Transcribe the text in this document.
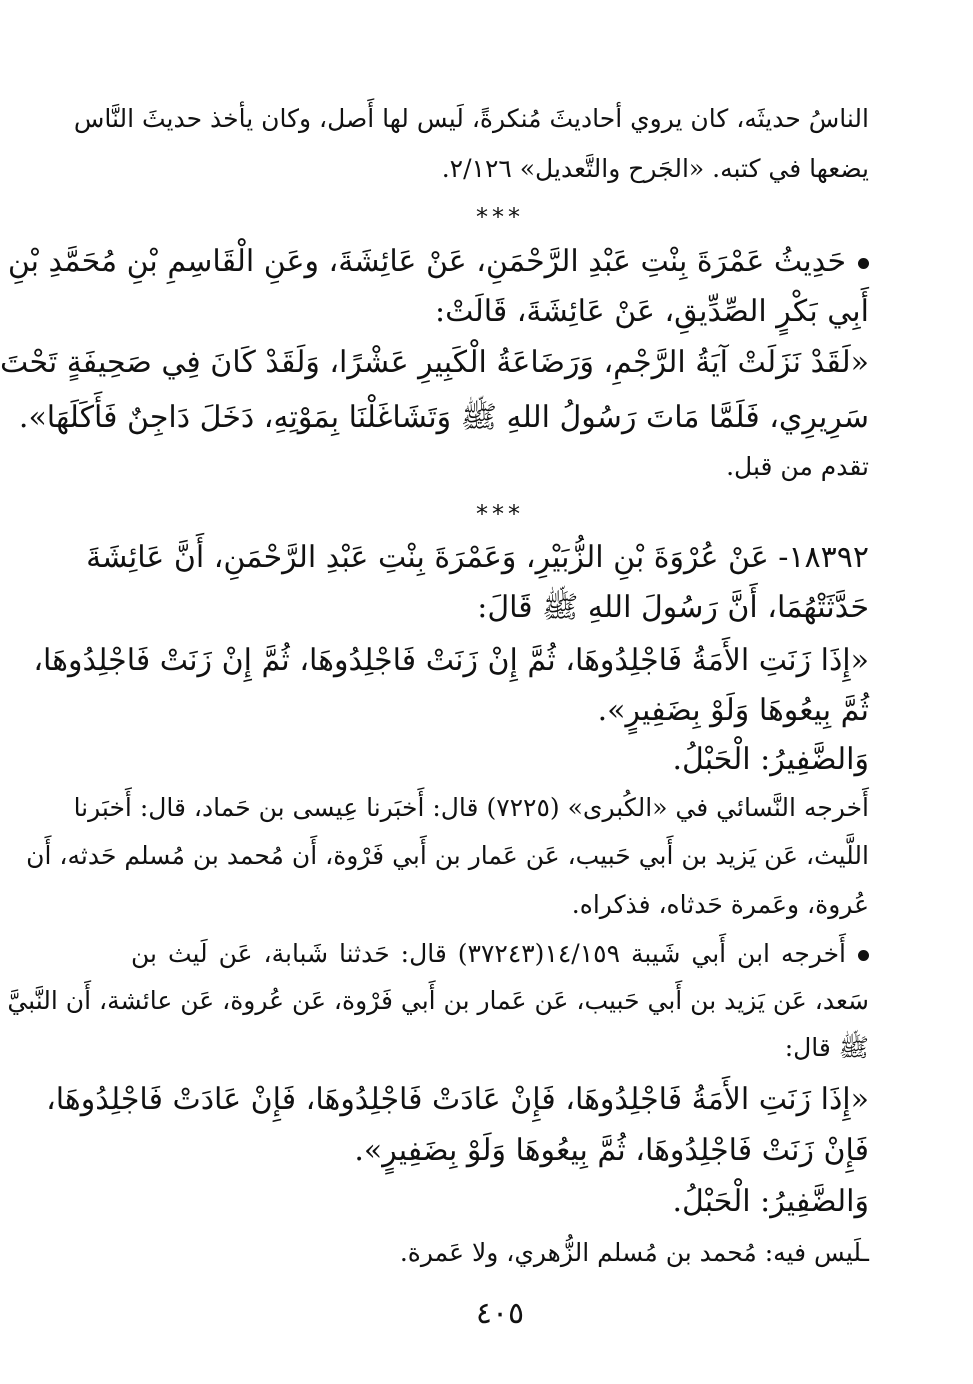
الناسُ حديثَه، كان يروي أحاديثَ مُنكرةً، لَيس لها أَصل، وكان يأخذ حديثَ النَّاس
يضعها في كتبه. «الجَرح والتَّعديل» ٢/١٢٦.
***
حَدِيثُ عَمْرَةَ بِنْتِ عَبْدِ الرَّحْمَنِ، عَنْ عَائِشَةَ، وعَنِ الْقَاسِمِ بْنِ مُحَمَّدِ بْنِ
أَبِي بَكْرٍ الصِّدِّيقِ، عَنْ عَائِشَةَ، قَالَتْ:
«لَقَدْ نَزَلَتْ آيَةُ الرَّجْمِ، وَرَضَاعَةُ الْكَبِيرِ عَشْرًا، وَلَقَدْ كَانَ فِي صَحِيفَةٍ تَحْتَ
سَرِيرِي، فَلَمَّا مَاتَ رَسُولُ اللهِ ﷺ وَتَشَاغَلْنَا بِمَوْتِهِ، دَخَلَ دَاجِنٌ فَأَكَلَهَا».
تقدم من قبل.
***
١٨٣٩٢- عَنْ عُرْوَةَ بْنِ الزُّبَيْرِ، وَعَمْرَةَ بِنْتِ عَبْدِ الرَّحْمَنِ، أَنَّ عَائِشَةَ
حَدَّثَتْهُمَا، أَنَّ رَسُولَ اللهِ ﷺ قَالَ:
«إِذَا زَنَتِ الأَمَةُ فَاجْلِدُوهَا، ثُمَّ إِنْ زَنَتْ فَاجْلِدُوهَا، ثُمَّ إِنْ زَنَتْ فَاجْلِدُوهَا،
ثُمَّ بِيعُوهَا وَلَوْ بِضَفِيرٍ».
وَالضَّفِيرُ: الْحَبْلُ.
أَخرجه النَّسائي في «الكُبرى» (٧٢٢٥) قال: أَخبَرنا عِيسى بن حَماد، قال: أَخبَرنا
اللَّيث، عَن يَزيد بن أَبي حَبيب، عَن عَمار بن أَبي فَرْوة، أَن مُحمد بن مُسلم حَدثه، أَن
عُروة، وعَمرة حَدثاه، فذكراه.
أَخرجه ابن أَبي شَيبة ١٤/١٥٩(٣٧٢٤٣) قال: حَدثنا شَبابة، عَن لَيث بن
سَعد، عَن يَزيد بن أَبي حَبيب، عَن عَمار بن أَبي فَرْوة، عَن عُروة، عَن عائشة، أَن النَّبيَّ
ﷺ قال:
«إِذَا زَنَتِ الأَمَةُ فَاجْلِدُوهَا، فَإِنْ عَادَتْ فَاجْلِدُوهَا، فَإِنْ عَادَتْ فَاجْلِدُوهَا،
فَإِنْ زَنَتْ فَاجْلِدُوهَا، ثُمَّ بِيعُوهَا وَلَوْ بِضَفِيرٍ».
وَالضَّفِيرُ: الْحَبْلُ.
ـلَيس فيه: مُحمد بن مُسلم الزُّهري، ولا عَمرة.
٤٠٥
